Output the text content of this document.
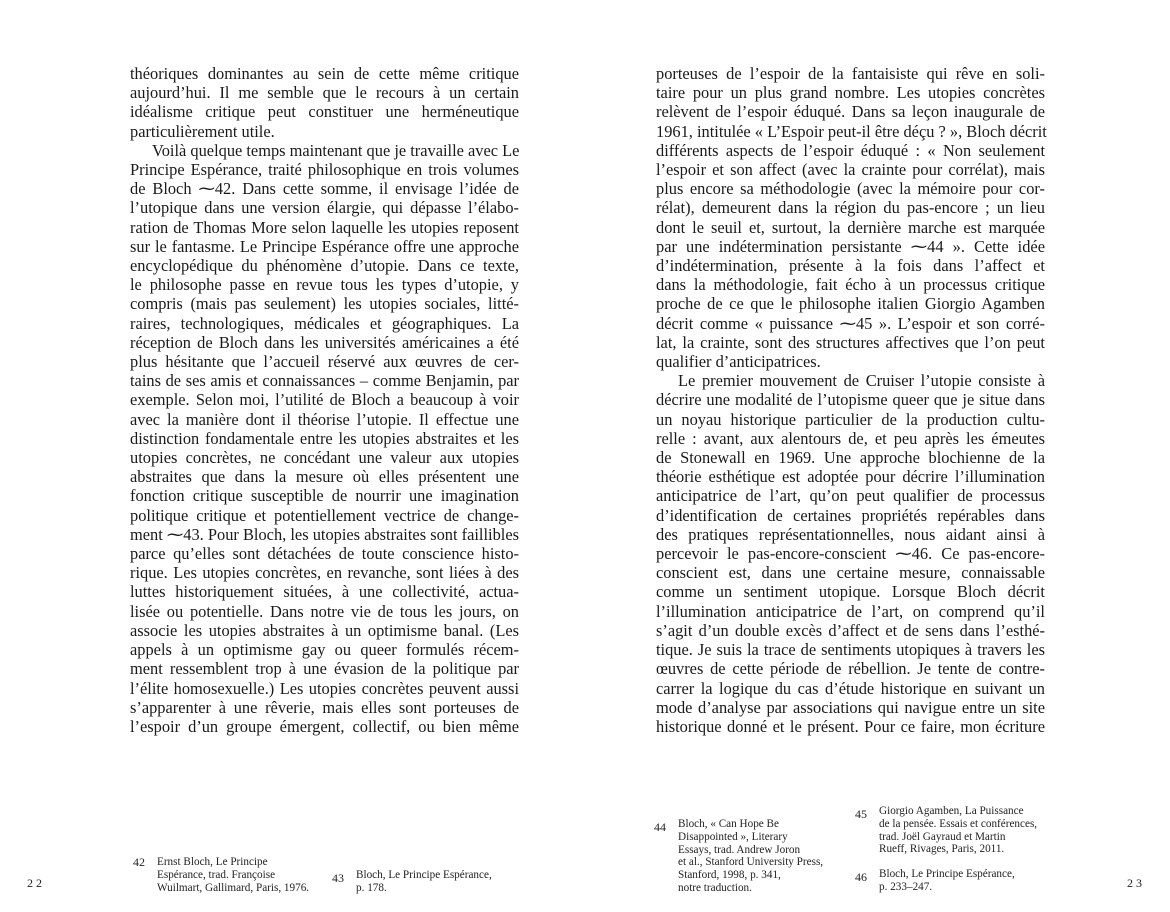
théoriques dominantes au sein de cette même critique
aujourd’hui. Il me semble que le recours à un certain
idéalisme critique peut constituer une herméneutique
particulièrement utile.

Voilà quelque temps maintenant que je travaille avec Le
Principe Espérance, traité philosophique en trois volumes
de Bloch ⁓42. Dans cette somme, il envisage l’idée de
l’utopique dans une version élargie, qui dépasse l’élabo-
ration de Thomas More selon laquelle les utopies reposent
sur le fantasme. Le Principe Espérance offre une approche
encyclopédique du phénomène d’utopie. Dans ce texte,
le philosophe passe en revue tous les types d’utopie, y
compris (mais pas seulement) les utopies sociales, litté-
raires, technologiques, médicales et géographiques. La
réception de Bloch dans les universités américaines a été
plus hésitante que l’accueil réservé aux œuvres de cer-
tains de ses amis et connaissances – comme Benjamin, par
exemple. Selon moi, l’utilité de Bloch a beaucoup à voir
avec la manière dont il théorise l’utopie. Il effectue une
distinction fondamentale entre les utopies abstraites et les
utopies concrètes, ne concédant une valeur aux utopies
abstraites que dans la mesure où elles présentent une
fonction critique susceptible de nourrir une imagination
politique critique et potentiellement vectrice de change-
ment ⁓43. Pour Bloch, les utopies abstraites sont faillibles
parce qu’elles sont détachées de toute conscience histo-
rique. Les utopies concrètes, en revanche, sont liées à des
luttes historiquement situées, à une collectivité, actua-
lisée ou potentielle. Dans notre vie de tous les jours, on
associe les utopies abstraites à un optimisme banal. (Les
appels à un optimisme gay ou queer formulés récem-
ment ressemblent trop à une évasion de la politique par
l’élite homosexuelle.) Les utopies concrètes peuvent aussi
s’apparenter à une rêverie, mais elles sont porteuses de
l’espoir d’un groupe émergent, collectif, ou bien même

42 Ernst Bloch, Le Principe
Espérance, trad. Françoise
Wuilmart, Gallimard, Paris, 1976.
43 Bloch, Le Principe Espérance,
p. 178.
22

porteuses de l’espoir de la fantaisiste qui rêve en soli-
taire pour un plus grand nombre. Les utopies concrètes
relèvent de l’espoir éduqué. Dans sa leçon inaugurale de
1961, intitulée « L’Espoir peut-il être déçu ? », Bloch décrit
différents aspects de l’espoir éduqué : « Non seulement
l’espoir et son affect (avec la crainte pour corrélat), mais
plus encore sa méthodologie (avec la mémoire pour cor-
rélat), demeurent dans la région du pas-encore ; un lieu
dont le seuil et, surtout, la dernière marche est marquée
par une indétermination persistante ⁓44 ». Cette idée
d’indétermination, présente à la fois dans l’affect et
dans la méthodologie, fait écho à un processus critique
proche de ce que le philosophe italien Giorgio Agamben
décrit comme « puissance ⁓45 ». L’espoir et son corré-
lat, la crainte, sont des structures affectives que l’on peut
qualifier d’anticipatrices.

Le premier mouvement de Cruiser l’utopie consiste à
décrire une modalité de l’utopisme queer que je situe dans
un noyau historique particulier de la production cultu-
relle : avant, aux alentours de, et peu après les émeutes
de Stonewall en 1969. Une approche blochienne de la
théorie esthétique est adoptée pour décrire l’illumination
anticipatrice de l’art, qu’on peut qualifier de processus
d’identification de certaines propriétés repérables dans
des pratiques représentationnelles, nous aidant ainsi à
percevoir le pas-encore-conscient ⁓46. Ce pas-encore-
conscient est, dans une certaine mesure, connaissable
comme un sentiment utopique. Lorsque Bloch décrit
l’illumination anticipatrice de l’art, on comprend qu’il
s’agit d’un double excès d’affect et de sens dans l’esthé-
tique. Je suis la trace de sentiments utopiques à travers les
œuvres de cette période de rébellion. Je tente de contre-
carrer la logique du cas d’étude historique en suivant un
mode d’analyse par associations qui navigue entre un site
historique donné et le présent. Pour ce faire, mon écriture

44 Bloch, « Can Hope Be
Disappointed », Literary
Essays, trad. Andrew Joron
et al., Stanford University Press,
Stanford, 1998, p. 341,
notre traduction.
45 Giorgio Agamben, La Puissance
de la pensée. Essais et conférences,
trad. Joël Gayraud et Martin
Rueff, Rivages, Paris, 2011.
46 Bloch, Le Principe Espérance,
p. 233–247.	23
